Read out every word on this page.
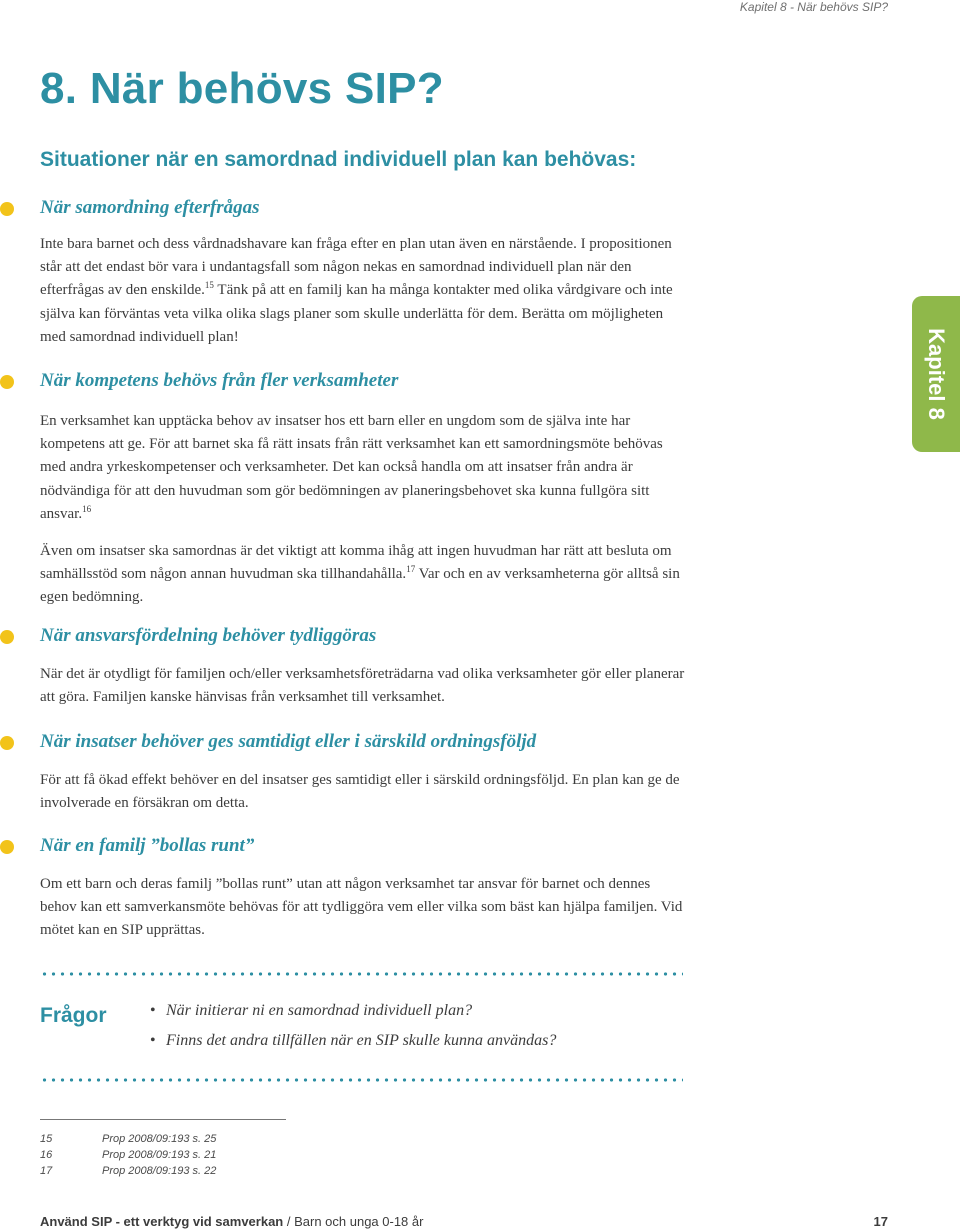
Kapitel 8 - När behövs SIP?
8. När behövs SIP?
Situationer när en samordnad individuell plan kan behövas:
När samordning efterfrågas

Inte bara barnet och dess vårdnadshavare kan fråga efter en plan utan även en närstående. I propositionen står att det endast bör vara i undantagsfall som någon nekas en samordnad individuell plan när den efterfrågas av den enskilde.$^{15}$ Tänk på att en familj kan ha många kontakter med olika vårdgivare och inte själva kan förväntas veta vilka olika slags planer som skulle underlätta för dem. Berätta om möjligheten med samordnad individuell plan!

När kompetens behövs från fler verksamheter

En verksamhet kan upptäcka behov av insatser hos ett barn eller en ungdom som de själva inte har kompetens att ge. För att barnet ska få rätt insats från rätt verksamhet kan ett samordningsmöte behövas med andra yrkeskompetenser och verksamheter. Det kan också handla om att insatser från andra är nödvändiga för att den huvudman som gör bedömningen av planeringsbehovet ska kunna fullgöra sitt ansvar.$^{16}$

Även om insatser ska samordnas är det viktigt att komma ihåg att ingen huvudman har rätt att besluta om samhällsstöd som någon annan huvudman ska tillhandahålla.$^{17}$ Var och en av verksamheterna gör alltså sin egen bedömning.

När ansvarsfördelning behöver tydliggöras

När det är otydligt för familjen och/eller verksamhetsföreträdarna vad olika verksamheter gör eller planerar att göra. Familjen kanske hänvisas från verksamhet till verksamhet.

När insatser behöver ges samtidigt eller i särskild ordningsföljd

För att få ökad effekt behöver en del insatser ges samtidigt eller i särskild ordningsföljd. En plan kan ge de involverade en försäkran om detta.

När en familj ”bollas runt”

Om ett barn och deras familj ”bollas runt” utan att någon verksamhet tar ansvar för barnet och dennes behov kan ett samverkansmöte behövas för att tydliggöra vem eller vilka som bäst kan hjälpa familjen. Vid mötet kan en SIP upprättas.

Kapitel 8
Frågor
•	När initierar ni en samordnad individuell plan?
• Finns det andra tillfällen när en SIP skulle kunna användas?
15	Prop 2008/09:193 s. 25
16	Prop 2008/09:193 s. 21
17	Prop 2008/09:193 s. 22
Använd SIP - ett verktyg vid samverkan / Barn och unga 0-18 år	17
